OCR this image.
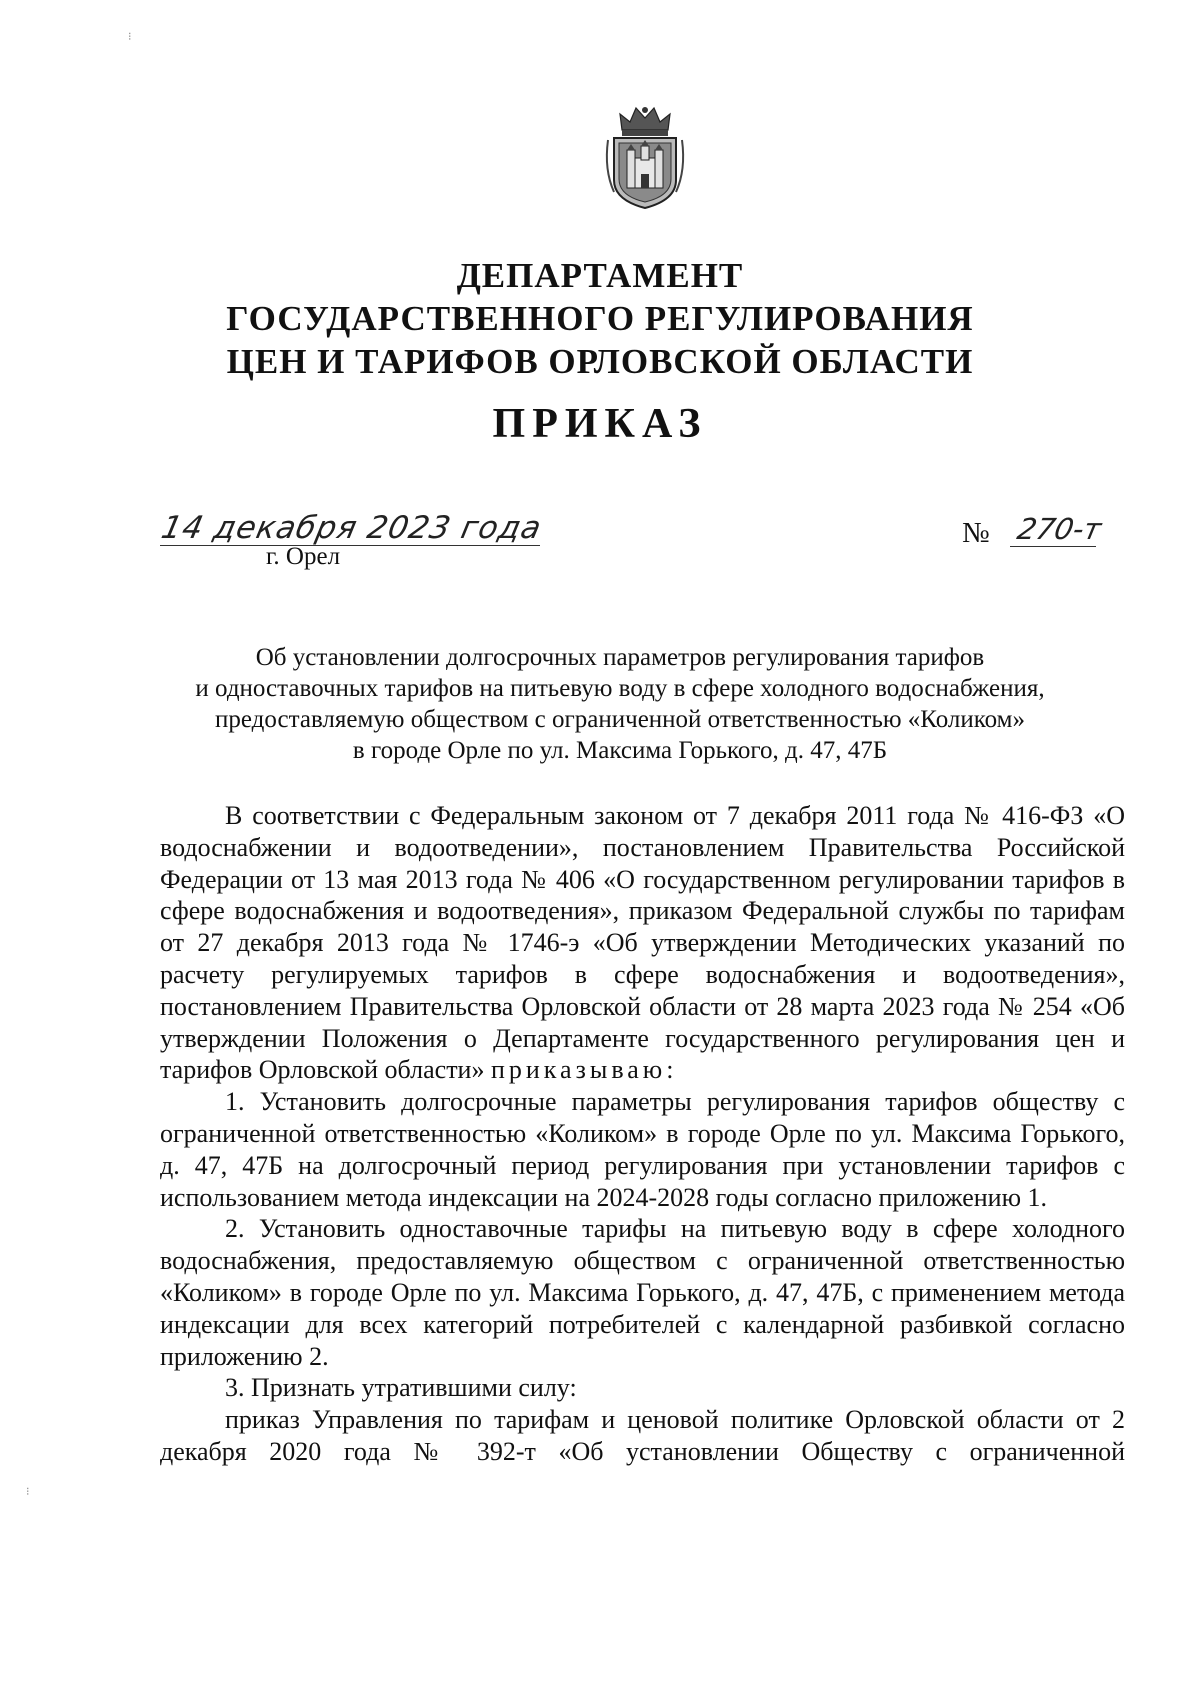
ДЕПАРТАМЕНТ
ГОСУДАРСТВЕННОГО РЕГУЛИРОВАНИЯ
ЦЕН И ТАРИФОВ ОРЛОВСКОЙ ОБЛАСТИ
ПРИКАЗ
14 декабря 2023 года
г. Орел
№ 270-т
Об установлении долгосрочных параметров регулирования тарифов
и одноставочных тарифов на питьевую воду в сфере холодного водоснабжения,
предоставляемую обществом с ограниченной ответственностью «Коликом»
в городе Орле по ул. Максима Горького, д. 47, 47Б

В соответствии с Федеральным законом от 7 декабря 2011 года № 416-ФЗ «О водоснабжении и водоотведении», постановлением Правительства Российской Федерации от 13 мая 2013 года № 406 «О государственном регулировании тарифов в сфере водоснабжения и водоотведения», приказом Федеральной службы по тарифам от 27 декабря 2013 года № 1746-э «Об утверждении Методических указаний по расчету регулируемых тарифов в сфере водоснабжения и водоотведения», постановлением Правительства Орловской области от 28 марта 2023 года № 254 «Об утверждении Положения о Департаменте государственного регулирования цен и тарифов Орловской области» приказываю:

1. Установить долгосрочные параметры регулирования тарифов обществу с ограниченной ответственностью «Коликом» в городе Орле по ул. Максима Горького, д. 47, 47Б на долгосрочный период регулирования при установлении тарифов с использованием метода индексации на 2024-2028 годы согласно приложению 1.

2. Установить одноставочные тарифы на питьевую воду в сфере холодного водоснабжения, предоставляемую обществом с ограниченной ответственностью «Коликом» в городе Орле по ул. Максима Горького, д. 47, 47Б, с применением метода индексации для всех категорий потребителей с календарной разбивкой согласно приложению 2.

3. Признать утратившими силу:

приказ Управления по тарифам и ценовой политике Орловской области от 2 декабря 2020 года № 392-т «Об установлении Обществу с ограниченной

⁝
⁝
